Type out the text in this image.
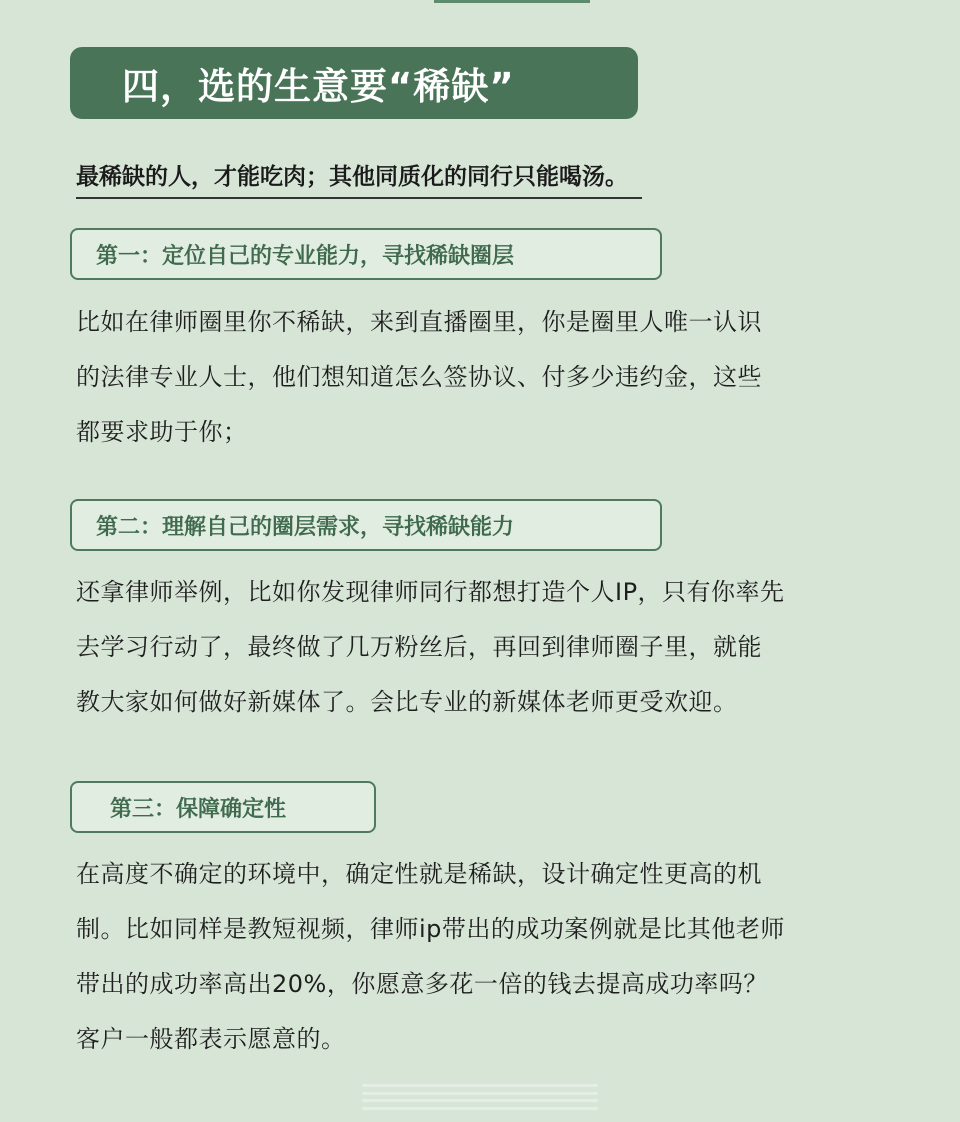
四，选的生意要“稀缺”
最稀缺的人，才能吃肉；其他同质化的同行只能喝汤。
第一：定位自己的专业能力，寻找稀缺圈层
比如在律师圈里你不稀缺，来到直播圈里，你是圈里人唯一认识
的法律专业人士，他们想知道怎么签协议、付多少违约金，这些
都要求助于你；
第二：理解自己的圈层需求，寻找稀缺能力
还拿律师举例，比如你发现律师同行都想打造个人IP，只有你率先
去学习行动了，最终做了几万粉丝后，再回到律师圈子里，就能
教大家如何做好新媒体了。会比专业的新媒体老师更受欢迎。
第三：保障确定性
在高度不确定的环境中，确定性就是稀缺，设计确定性更高的机
制。比如同样是教短视频，律师ip带出的成功案例就是比其他老师
带出的成功率高出20%，你愿意多花一倍的钱去提高成功率吗？
客户一般都表示愿意的。
